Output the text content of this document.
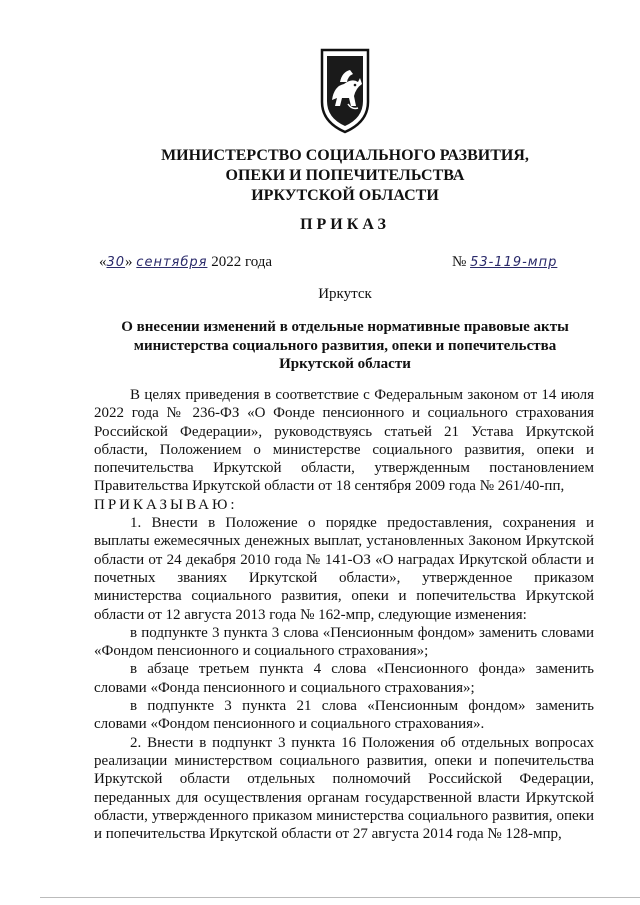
МИНИСТЕРСТВО СОЦИАЛЬНОГО РАЗВИТИЯ,
ОПЕКИ И ПОПЕЧИТЕЛЬСТВА
ИРКУТСКОЙ ОБЛАСТИ
ПРИКАЗ
«30» сентября 2022 года	№ 53-119-мпр
Иркутск
О внесении изменений в отдельные нормативные правовые акты
министерства социального развития, опеки и попечительства
Иркутской области

В целях приведения в соответствие с Федеральным законом от 14 июля 2022 года № 236-ФЗ «О Фонде пенсионного и социального страхования Российской Федерации», руководствуясь статьей 21 Устава Иркутской области, Положением о министерстве социального развития, опеки и попечительства Иркутской области, утвержденным постановлением Правительства Иркутской области от 18 сентября 2009 года № 261/40-пп,

ПРИКАЗЫВАЮ:

1. Внести в Положение о порядке предоставления, сохранения и выплаты ежемесячных денежных выплат, установленных Законом Иркутской области от 24 декабря 2010 года № 141-ОЗ «О наградах Иркутской области и почетных званиях Иркутской области», утвержденное приказом министерства социального развития, опеки и попечительства Иркутской области от 12 августа 2013 года № 162-мпр, следующие изменения:

в подпункте 3 пункта 3 слова «Пенсионным фондом» заменить словами «Фондом пенсионного и социального страхования»;

в абзаце третьем пункта 4 слова «Пенсионного фонда» заменить словами «Фонда пенсионного и социального страхования»;

в подпункте 3 пункта 21 слова «Пенсионным фондом» заменить словами «Фондом пенсионного и социального страхования».

2. Внести в подпункт 3 пункта 16 Положения об отдельных вопросах реализации министерством социального развития, опеки и попечительства Иркутской области отдельных полномочий Российской Федерации, переданных для осуществления органам государственной власти Иркутской области, утвержденного приказом министерства социального развития, опеки и попечительства Иркутской области от 27 августа 2014 года № 128-мпр,
